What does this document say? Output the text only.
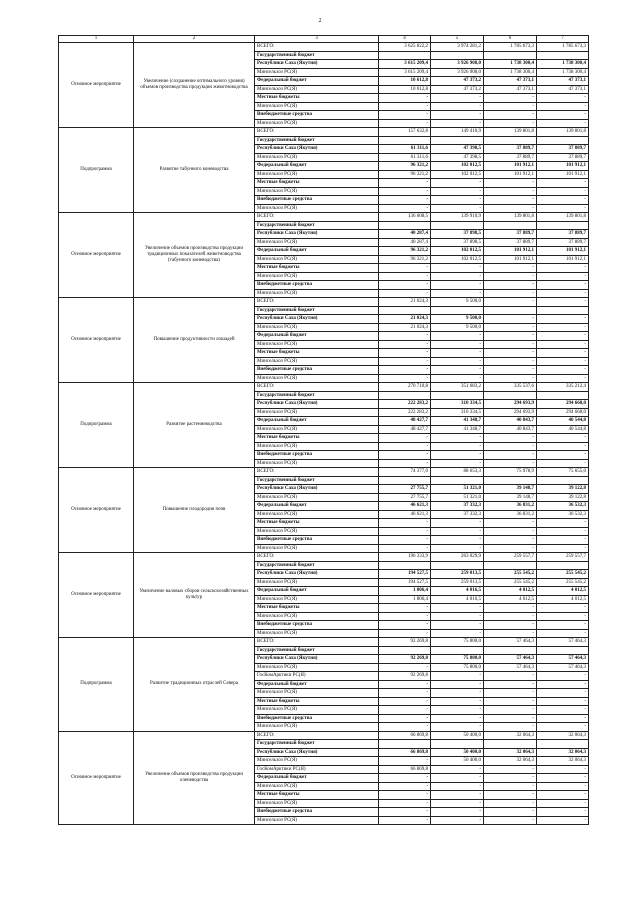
2
1	2	3	4	5	6	7
Основное мероприятие	Увеличение (сохранение оптимального уровня) объемов производства продукции животноводства	ВСЕГО:	3 625 822,2	3 974 281,2	1 785 673,3	1 785 673,3
		Государственный бюджет				
		Республики Саха (Якутия)	3 615 209,4	3 926 908,0	1 738 300,4	1 738 300,4
		Минсельхоз РС(Я)	3 615 209,4	3 926 908,0	1 738 300,4	1 738 300,4
		Федеральный бюджет	10 612,8	47 373,2	47 373,1	47 373,1
		Минсельхоз РС(Я)	10 612,8	47 373,2	47 373,1	47 373,1
		Местные бюджеты	-	-	-	-
		Минсельхоз РС(Я)	-	-	-	-
		Внебюджетные средства	-	-	-	-
		Минсельхоз РС(Я)	-	-	-	-
Подпрограмма	Развитие табунного коневодства	ВСЕГО:	157 632,8	149 410,9	139 801,8	139 801,8
		Государственный бюджет				
		Республики Саха (Якутия)	61 311,6	47 398,5	37 889,7	37 889,7
		Минсельхоз РС(Я)	61 311,6	47 398,5	37 889,7	37 889,7
		Федеральный бюджет	96 321,2	102 012,5	101 912,1	101 912,1
		Минсельхоз РС(Я)	96 321,2	102 012,5	101 912,1	101 912,1
		Местные бюджеты	-	-	-	-
		Минсельхоз РС(Я)	-	-	-	-
		Внебюджетные средства	-	-	-	-
		Минсельхоз РС(Я)	-	-	-	-
Основное мероприятие	Увеличение объемов производства продукции традиционных показателей животноводства (табунного коневодства)	ВСЕГО:	136 608,5	139 910,9	139 801,8	139 801,8
		Государственный бюджет				
		Республики Саха (Якутия)	40 287,4	37 898,5	37 889,7	37 889,7
		Минсельхоз РС(Я)	40 287,4	37 898,5	37 889,7	37 889,7
		Федеральный бюджет	96 321,2	102 012,5	101 912,1	101 912,1
		Минсельхоз РС(Я)	96 321,2	102 012,5	101 912,1	101 912,1
		Местные бюджеты	-	-	-	-
		Минсельхоз РС(Я)	-	-	-	-
		Внебюджетные средства	-	-	-	-
		Минсельхоз РС(Я)	-	-	-	-
Основное мероприятие	Повышение продуктивности лошадей	ВСЕГО:	21 024,3	9 500,0	-	-
		Государственный бюджет				
		Республики Саха (Якутия)	21 024,3	9 500,0	-	-
		Минсельхоз РС(Я)	21 024,3	9 500,0	-	-
		Федеральный бюджет	-	-	-	-
		Минсельхоз РС(Я)	-	-	-	-
		Местные бюджеты	-	-	-	-
		Минсельхоз РС(Я)	-	-	-	-
		Внебюджетные средства	-	-	-	-
		Минсельхоз РС(Я)	-	-	-	-
Подпрограмма	Развитие растениеводства	ВСЕГО:	270 710,8	351 683,2	335 537,6	335 212,4
		Государственный бюджет				
		Республики Саха (Якутия)	222 283,2	310 334,5	294 693,9	294 668,0
		Минсельхоз РС(Я)	222 283,2	310 334,5	294 693,9	294 668,0
		Федеральный бюджет	48 427,7	41 348,7	40 843,7	40 544,8
		Минсельхоз РС(Я)	48 427,7	41 348,7	40 843,7	40 544,8
		Местные бюджеты	-	-	-	-
		Минсельхоз РС(Я)	-	-	-	-
		Внебюджетные средства	-	-	-	-
		Минсельхоз РС(Я)	-	-	-	-
Основное мероприятие	Повышение плодородия почв	ВСЕГО:	74 377,0	88 653,3	75 978,9	75 655,0
		Государственный бюджет				
		Республики Саха (Якутия)	27 755,7	51 321,0	39 148,7	39 122,8
		Минсельхоз РС(Я)	27 755,7	51 321,0	39 148,7	39 122,8
		Федеральный бюджет	46 621,3	37 332,3	36 831,2	36 532,3
		Минсельхоз РС(Я)	46 621,3	37 332,3	36 831,2	36 532,3
		Местные бюджеты	-	-	-	-
		Минсельхоз РС(Я)	-	-	-	-
		Внебюджетные средства	-	-	-	-
		Минсельхоз РС(Я)	-	-	-	-
Основное мероприятие	Увеличение валовых сборов сельскохозяйственных культур	ВСЕГО:	196 333,9	263 029,9	259 557,7	259 557,7
		Государственный бюджет				
		Республики Саха (Якутия)	194 527,5	259 013,5	255 545,2	255 545,2
		Минсельхоз РС(Я)	194 527,5	259 013,5	255 545,2	255 545,2
		Федеральный бюджет	1 806,4	4 016,5	4 012,5	4 012,5
		Минсельхоз РС(Я)	1 806,4	4 016,5	4 012,5	4 012,5
		Местные бюджеты	-	-	-	-
		Минсельхоз РС(Я)	-	-	-	-
		Внебюджетные средства	-	-	-	-
		Минсельхоз РС(Я)	-	-	-	-
Подпрограмма	Развитие традиционных отраслей Севера	ВСЕГО:	92 269,8	75 800,0	57 464,3	57 464,3
		Государственный бюджет				
		Республики Саха (Якутия)	92 269,8	75 800,0	57 464,3	57 464,3
		Минсельхоз РС(Я)	-	75 800,0	57 464,3	57 464,3
		ГосКомАрктики РС(Я)	92 269,8	-	-	-
		Федеральный бюджет	-	-	-	-
		Минсельхоз РС(Я)	-	-	-	-
		Местные бюджеты	-	-	-	-
		Минсельхоз РС(Я)	-	-	-	-
		Внебюджетные средства	-	-	-	-
		Минсельхоз РС(Я)	-	-	-	-
Основное мероприятие	Увеличение объемов производства продукции оленеводства	ВСЕГО:	66 869,8	50 400,0	32 064,3	32 064,3
		Государственный бюджет				
		Республики Саха (Якутия)	66 869,8	50 400,0	32 064,3	32 064,3
		Минсельхоз РС(Я)	-	50 400,0	32 064,3	32 064,3
		ГосКомАрктики РС(Я)	66 869,8	-	-	-
		Федеральный бюджет	-	-	-	-
		Минсельхоз РС(Я)	-	-	-	-
		Местные бюджеты	-	-	-	-
		Минсельхоз РС(Я)	-	-	-	-
		Внебюджетные средства	-	-	-	-
		Минсельхоз РС(Я)	-	-	-	-
